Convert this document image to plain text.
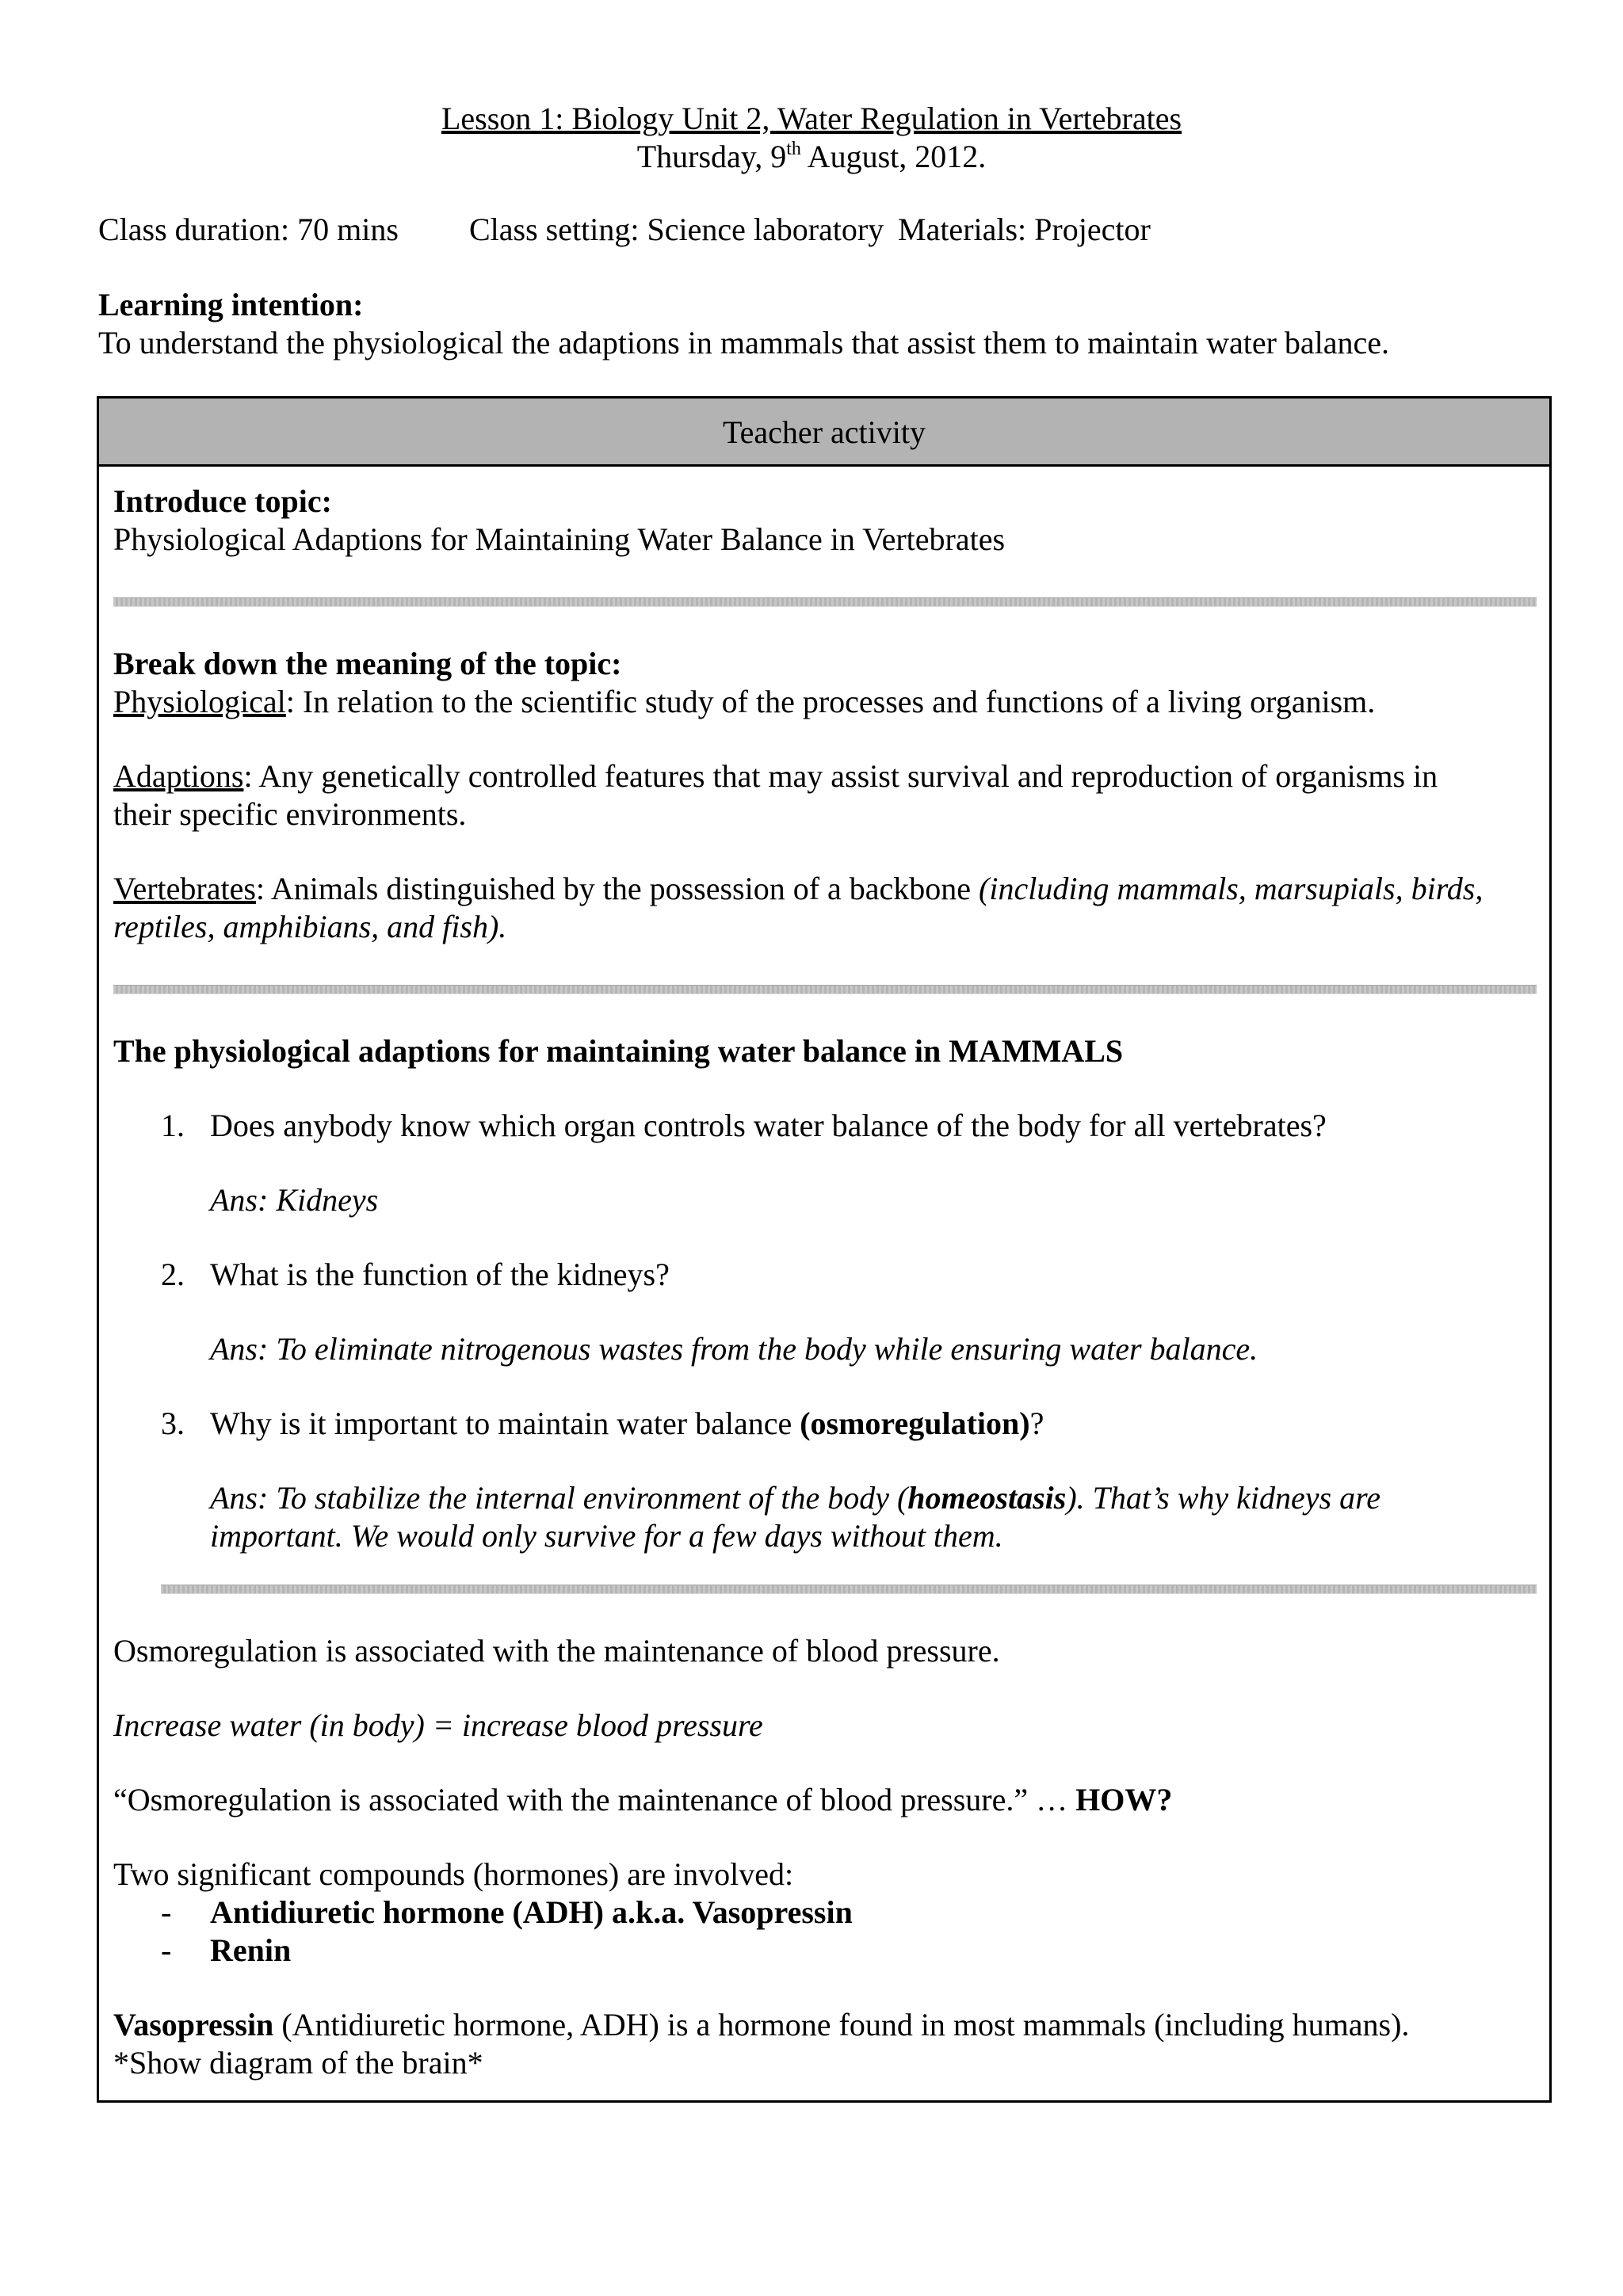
Lesson 1: Biology Unit 2, Water Regulation in Vertebrates
Thursday, 9th August, 2012.
Class duration: 70 mins Class setting: Science laboratory Materials: Projector
Learning intention:
To understand the physiological the adaptions in mammals that assist them to maintain water balance.
Teacher activity
Introduce topic:
Physiological Adaptions for Maintaining Water Balance in Vertebrates
Break down the meaning of the topic:
Physiological: In relation to the scientific study of the processes and functions of a living organism.
Adaptions: Any genetically controlled features that may assist survival and reproduction of organisms in
their specific environments.
Vertebrates: Animals distinguished by the possession of a backbone (including mammals, marsupials, birds,
reptiles, amphibians, and fish).
The physiological adaptions for maintaining water balance in MAMMALS
1. Does anybody know which organ controls water balance of the body for all vertebrates?
Ans: Kidneys
2. What is the function of the kidneys?
Ans: To eliminate nitrogenous wastes from the body while ensuring water balance.
3. Why is it important to maintain water balance (osmoregulation)?
Ans: To stabilize the internal environment of the body (homeostasis). That’s why kidneys are
important. We would only survive for a few days without them.
Osmoregulation is associated with the maintenance of blood pressure.
Increase water (in body) = increase blood pressure
“Osmoregulation is associated with the maintenance of blood pressure.” … HOW?
Two significant compounds (hormones) are involved:
- Antidiuretic hormone (ADH) a.k.a. Vasopressin
- Renin
Vasopressin (Antidiuretic hormone, ADH) is a hormone found in most mammals (including humans).
*Show diagram of the brain*
